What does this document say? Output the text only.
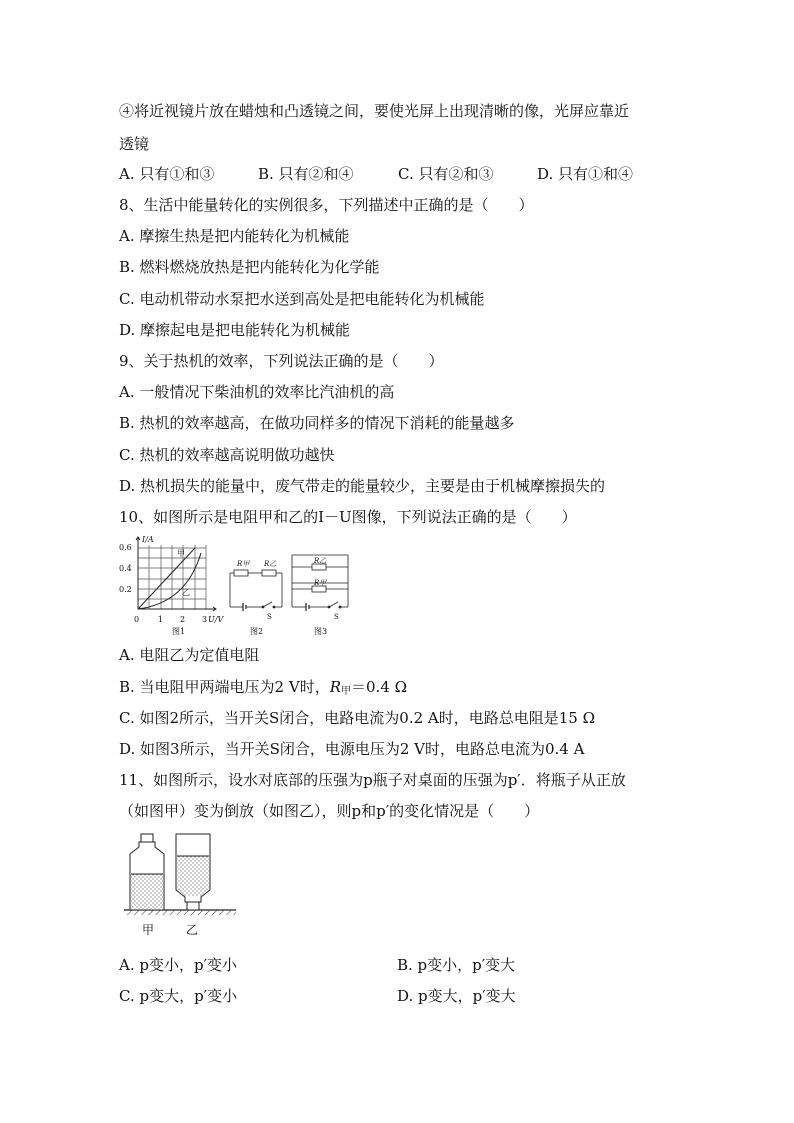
④将近视镜片放在蜡烛和凸透镜之间，要使光屏上出现清晰的像，光屏应靠近
透镜
A. 只有①和③	B. 只有②和④	C. 只有②和③	D. 只有①和④
8、生活中能量转化的实例很多，下列描述中正确的是（　　）
A. 摩擦生热是把内能转化为机械能
B. 燃料燃烧放热是把内能转化为化学能
C. 电动机带动水泵把水送到高处是把电能转化为机械能
D. 摩擦起电是把电能转化为机械能
9、关于热机的效率，下列说法正确的是（　　）
A. 一般情况下柴油机的效率比汽油机的高
B. 热机的效率越高，在做功同样多的情况下消耗的能量越多
C. 热机的效率越高说明做功越快
D. 热机损失的能量中，废气带走的能量较少，主要是由于机械摩擦损失的
10、如图所示是电阻甲和乙的I－U图像，下列说法正确的是（　　）
I/A
U/V
0.6
0.4
0.2
0 1 2 3
甲
乙
图1
R甲 R乙
S
图2
R乙
R甲
S
图3
A. 电阻乙为定值电阻
B. 当电阻甲两端电压为2 V时，$R_甲=0.4$ Ω
C. 如图2所示，当开关S闭合，电路电流为0.2 A时，电路总电阻是15 Ω
D. 如图3所示，当开关S闭合，电源电压为2 V时，电路总电流为0.4 A
11、如图所示，设水对底部的压强为p瓶子对桌面的压强为p′．将瓶子从正放
（如图甲）变为倒放（如图乙），则p和p′的变化情况是（　　）
甲	乙
A. p变小，p′变小	B. p变小，p′变大
C. p变大，p′变小	D. p变大，p′变大
